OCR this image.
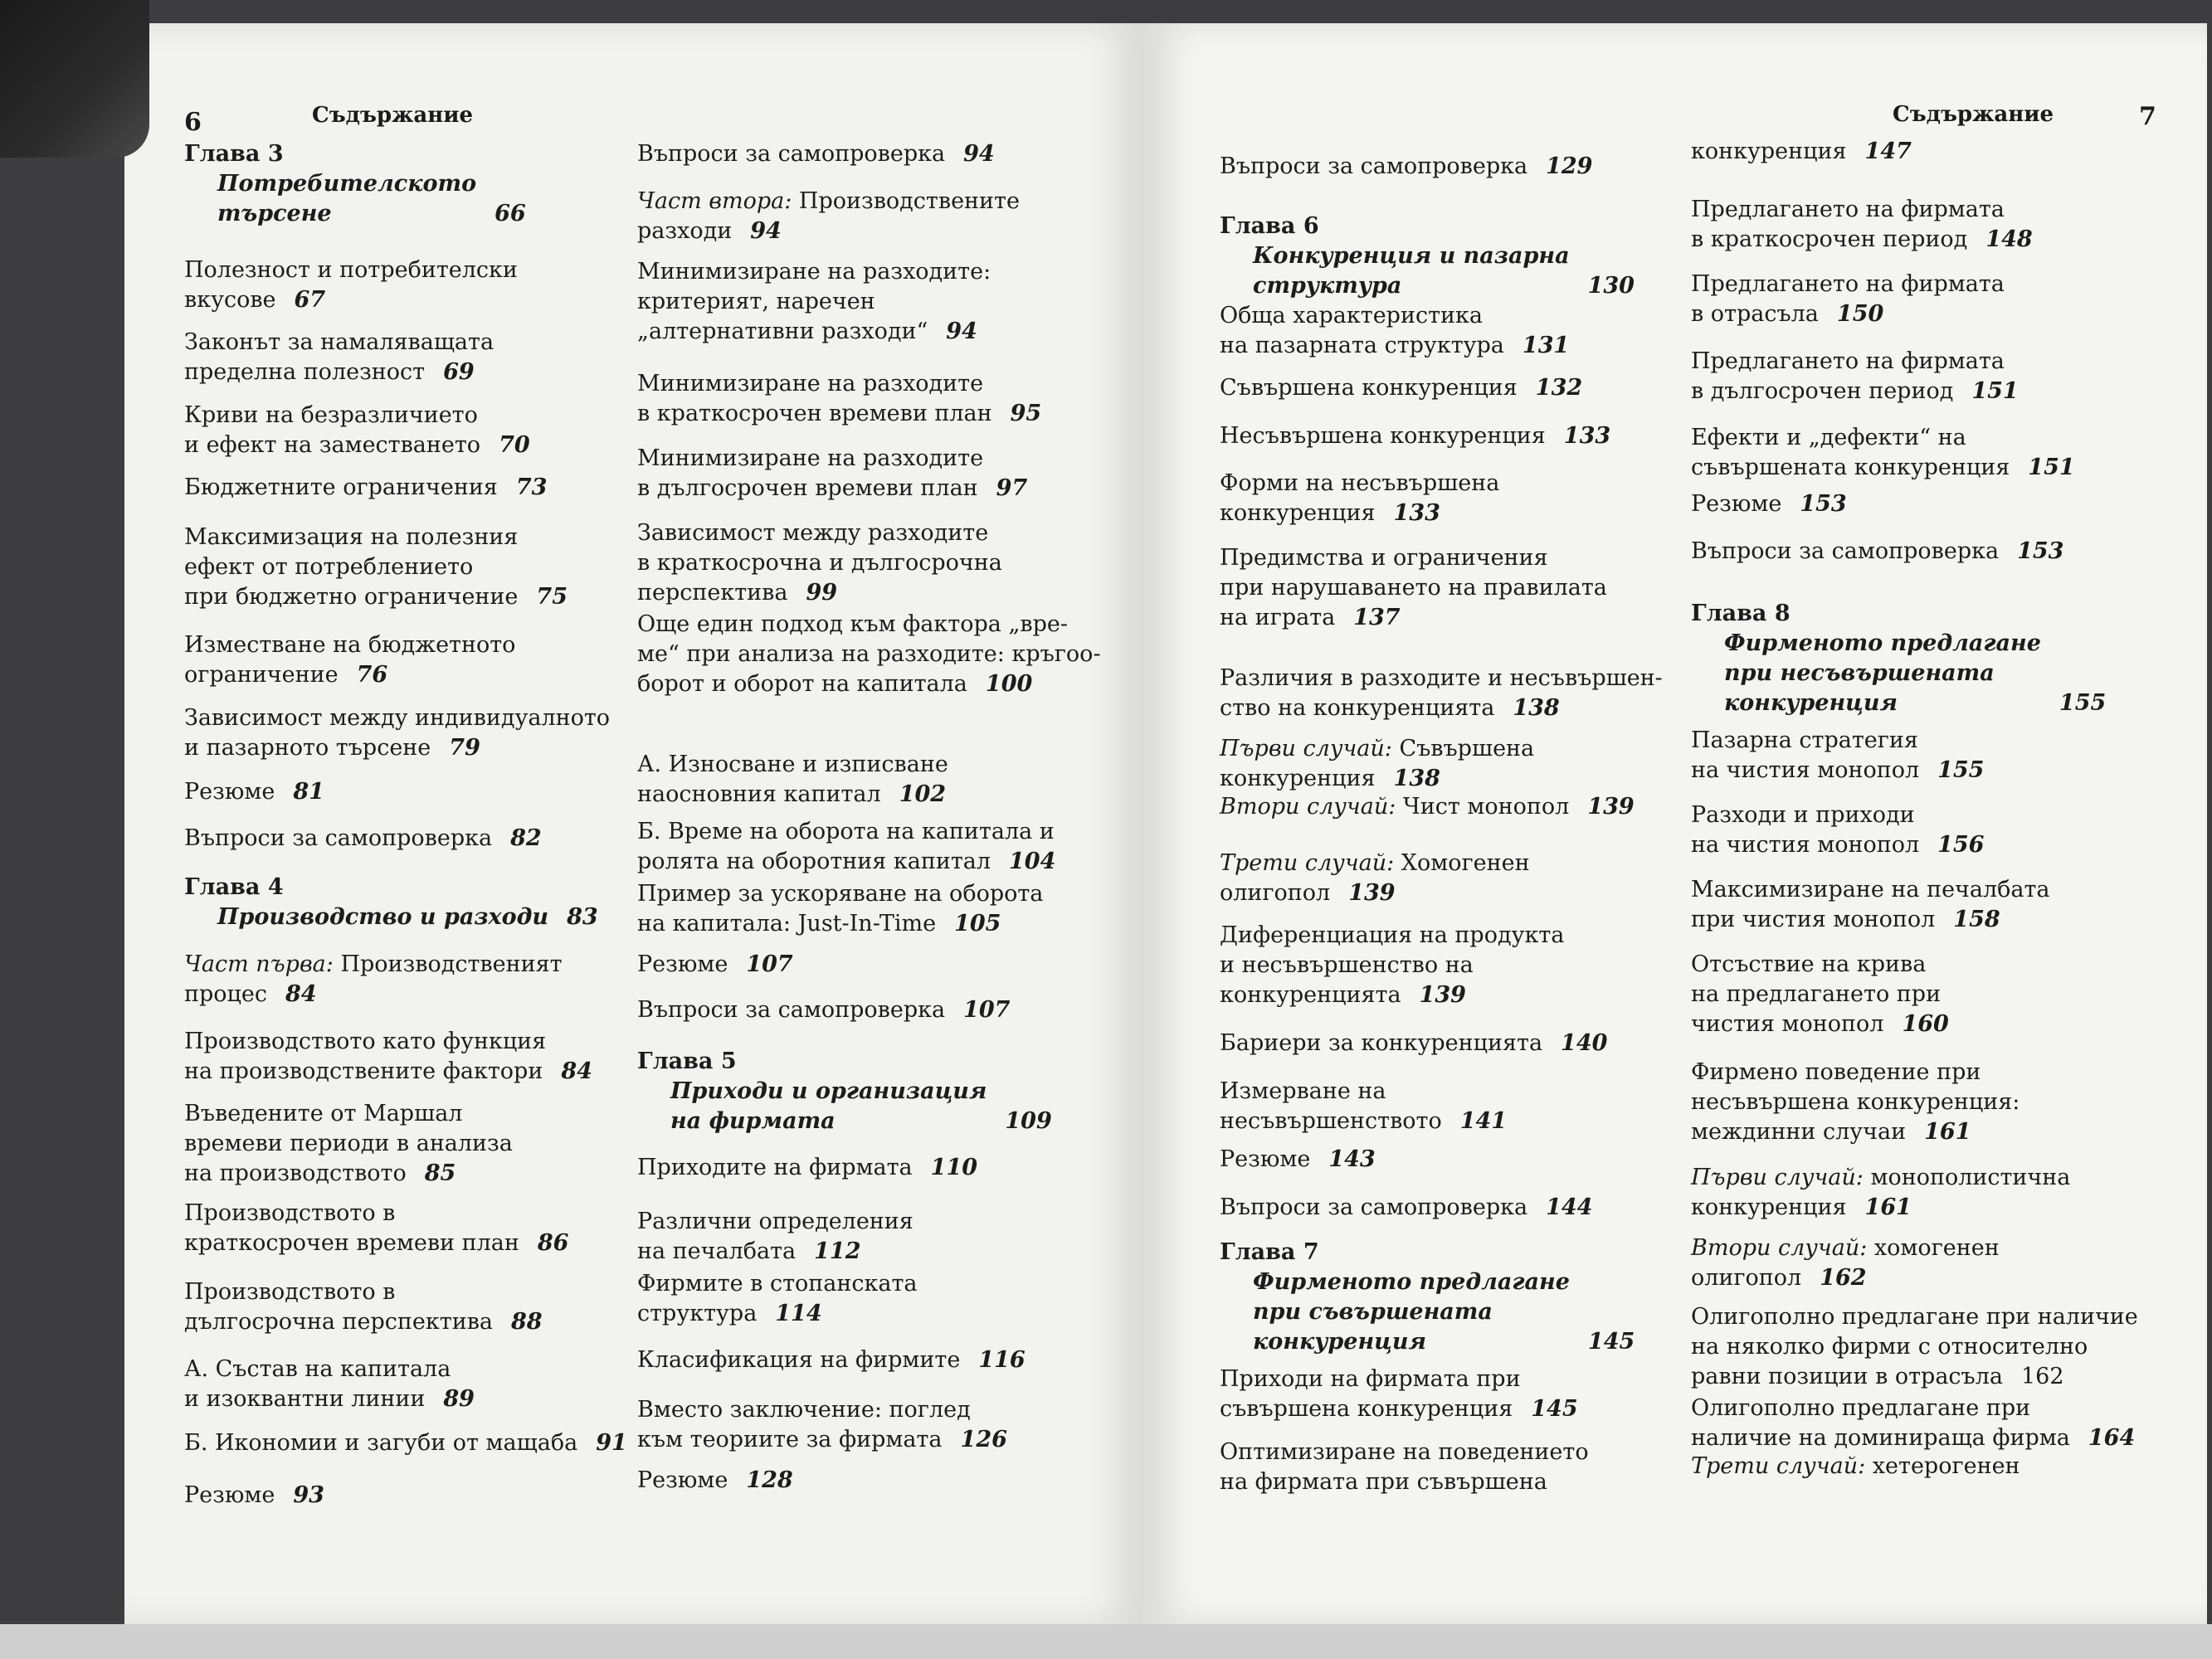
6	Съдържание
Глава 3
Потребителското
търсене	66
Полезност и потребителски
вкусове 67
Законът за намаляващата
пределна полезност 69
Криви на безразличието
и ефект на заместването 70
Бюджетните ограничения 73
Максимизация на полезния
ефект от потреблението
при бюджетно ограничение 75
Изместване на бюджетното
ограничение 76
Зависимост между индивидуалното
и пазарното търсене 79
Резюме 81
Въпроси за самопроверка 82
Глава 4
Производство и разходи 83
Част първа: Производственият
процес 84
Производството като функция
на производствените фактори 84
Въведените от Маршал
времеви периоди в анализа
на производството 85
Производството в
краткосрочен времеви план 86
Производството в
дългосрочна перспектива 88
А. Състав на капитала
и изоквантни линии 89
Б. Икономии и загуби от мащаба 91
Резюме 93
Въпроси за самопроверка 94
Част втора: Производствените
разходи 94
Минимизиране на разходите:
критерият, наречен
„алтернативни разходи“ 94
Минимизиране на разходите
в краткосрочен времеви план 95
Минимизиране на разходите
в дългосрочен времеви план 97
Зависимост между разходите
в краткосрочна и дългосрочна
перспектива 99
Още един подход към фактора „вре-
ме“ при анализа на разходите: кръгоо-
борот и оборот на капитала 100
А. Износване и изписване
наосновния капитал 102
Б. Време на оборота на капитала и
ролята на оборотния капитал 104
Пример за ускоряване на оборота
на капитала: Just-In-Time 105
Резюме 107
Въпроси за самопроверка 107
Глава 5
Приходи и организация
на фирмата	109
Приходите на фирмата 110
Различни определения
на печалбата 112
Фирмите в стопанската
структура 114
Класификация на фирмите 116
Вместо заключение: поглед
към теориите за фирмата 126
Резюме 128
Съдържание	7
Въпроси за самопроверка 129
Глава 6
Конкуренция и пазарна
структура	130
Обща характеристика
на пазарната структура 131
Съвършена конкуренция 132
Несъвършена конкуренция 133
Форми на несъвършена
конкуренция 133
Предимства и ограничения
при нарушаването на правилата
на играта 137
Различия в разходите и несъвършен-
ство на конкуренцията 138
Първи случай: Съвършена
конкуренция 138
Втори случай: Чист монопол 139
Трети случай: Хомогенен
олигопол 139
Диференциация на продукта
и несъвършенство на
конкуренцията 139
Бариери за конкуренцията 140
Измерване на
несъвършенството 141
Резюме 143
Въпроси за самопроверка 144
Глава 7
Фирменото предлагане
при съвършената
конкуренция	145
Приходи на фирмата при
съвършена конкуренция 145
Оптимизиране на поведението
на фирмата при съвършена
конкуренция 147
Предлагането на фирмата
в краткосрочен период 148
Предлагането на фирмата
в отрасъла 150
Предлагането на фирмата
в дългосрочен период 151
Ефекти и „дефекти“ на
съвършената конкуренция 151
Резюме 153
Въпроси за самопроверка 153
Глава 8
Фирменото предлагане
при несъвършената
конкуренция	155
Пазарна стратегия
на чистия монопол 155
Разходи и приходи
на чистия монопол 156
Максимизиране на печалбата
при чистия монопол 158
Отсъствие на крива
на предлагането при
чистия монопол 160
Фирмено поведение при
несъвършена конкуренция:
междинни случаи 161
Първи случай: монополистична
конкуренция 161
Втори случай: хомогенен
олигопол 162
Олигополно предлагане при наличие
на няколко фирми с относително
равни позиции в отрасъла 162
Олигополно предлагане при
наличие на доминираща фирма 164
Трети случай: хетерогенен
